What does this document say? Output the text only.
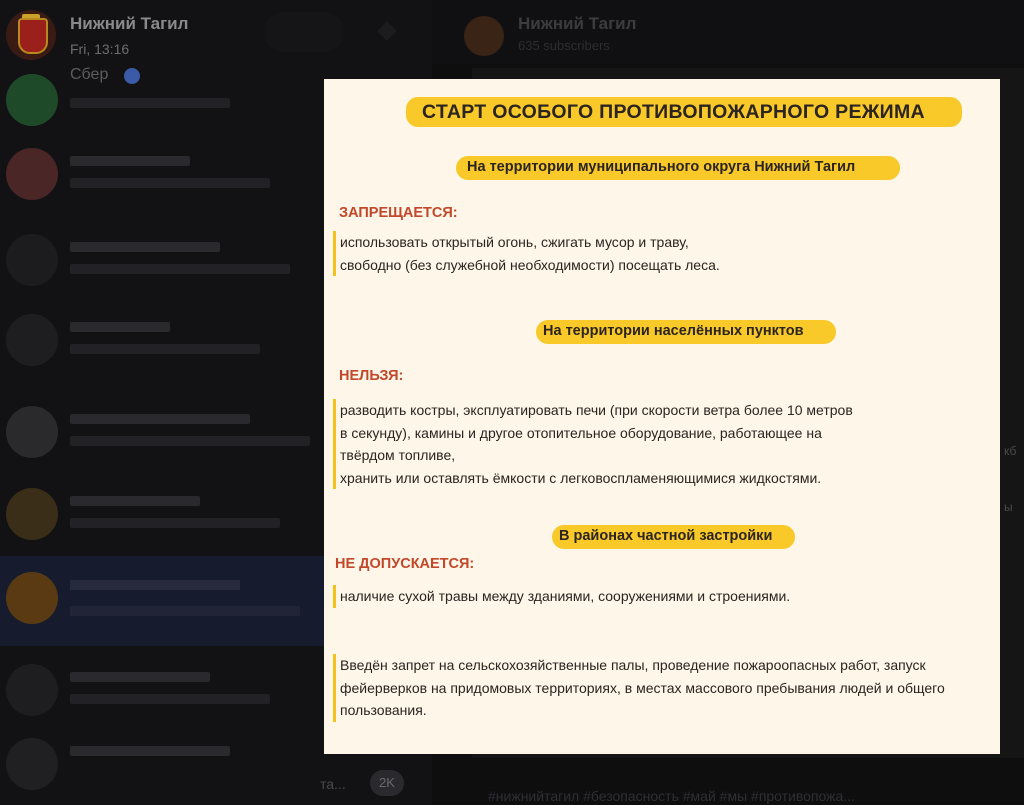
Нижний Тагил
Fri, 13:16
Сбер
та...	2K
Нижний Тагил
635 subscribers
кб
ы
#нижнийтагил #безопасность #май #мы #противопожа...
СТАРТ ОСОБОГО ПРОТИВОПОЖАРНОГО РЕЖИМА
На территории муниципального округа Нижний Тагил
ЗАПРЕЩАЕТСЯ:
использовать открытый огонь, сжигать мусор и траву,
свободно (без служебной необходимости) посещать леса.
На территории населённых пунктов
НЕЛЬЗЯ:
разводить костры, эксплуатировать печи (при скорости ветра более 10 метров
в секунду), камины и другое отопительное оборудование, работающее на
твёрдом топливе,
хранить или оставлять ёмкости с легковоспламеняющимися жидкостями.
В районах частной застройки
НЕ ДОПУСКАЕТСЯ:
наличие сухой травы между зданиями, сооружениями и строениями.
Введён запрет на сельскохозяйственные палы, проведение пожароопасных работ, запуск
фейерверков на придомовых территориях, в местах массового пребывания людей и общего
пользования.
